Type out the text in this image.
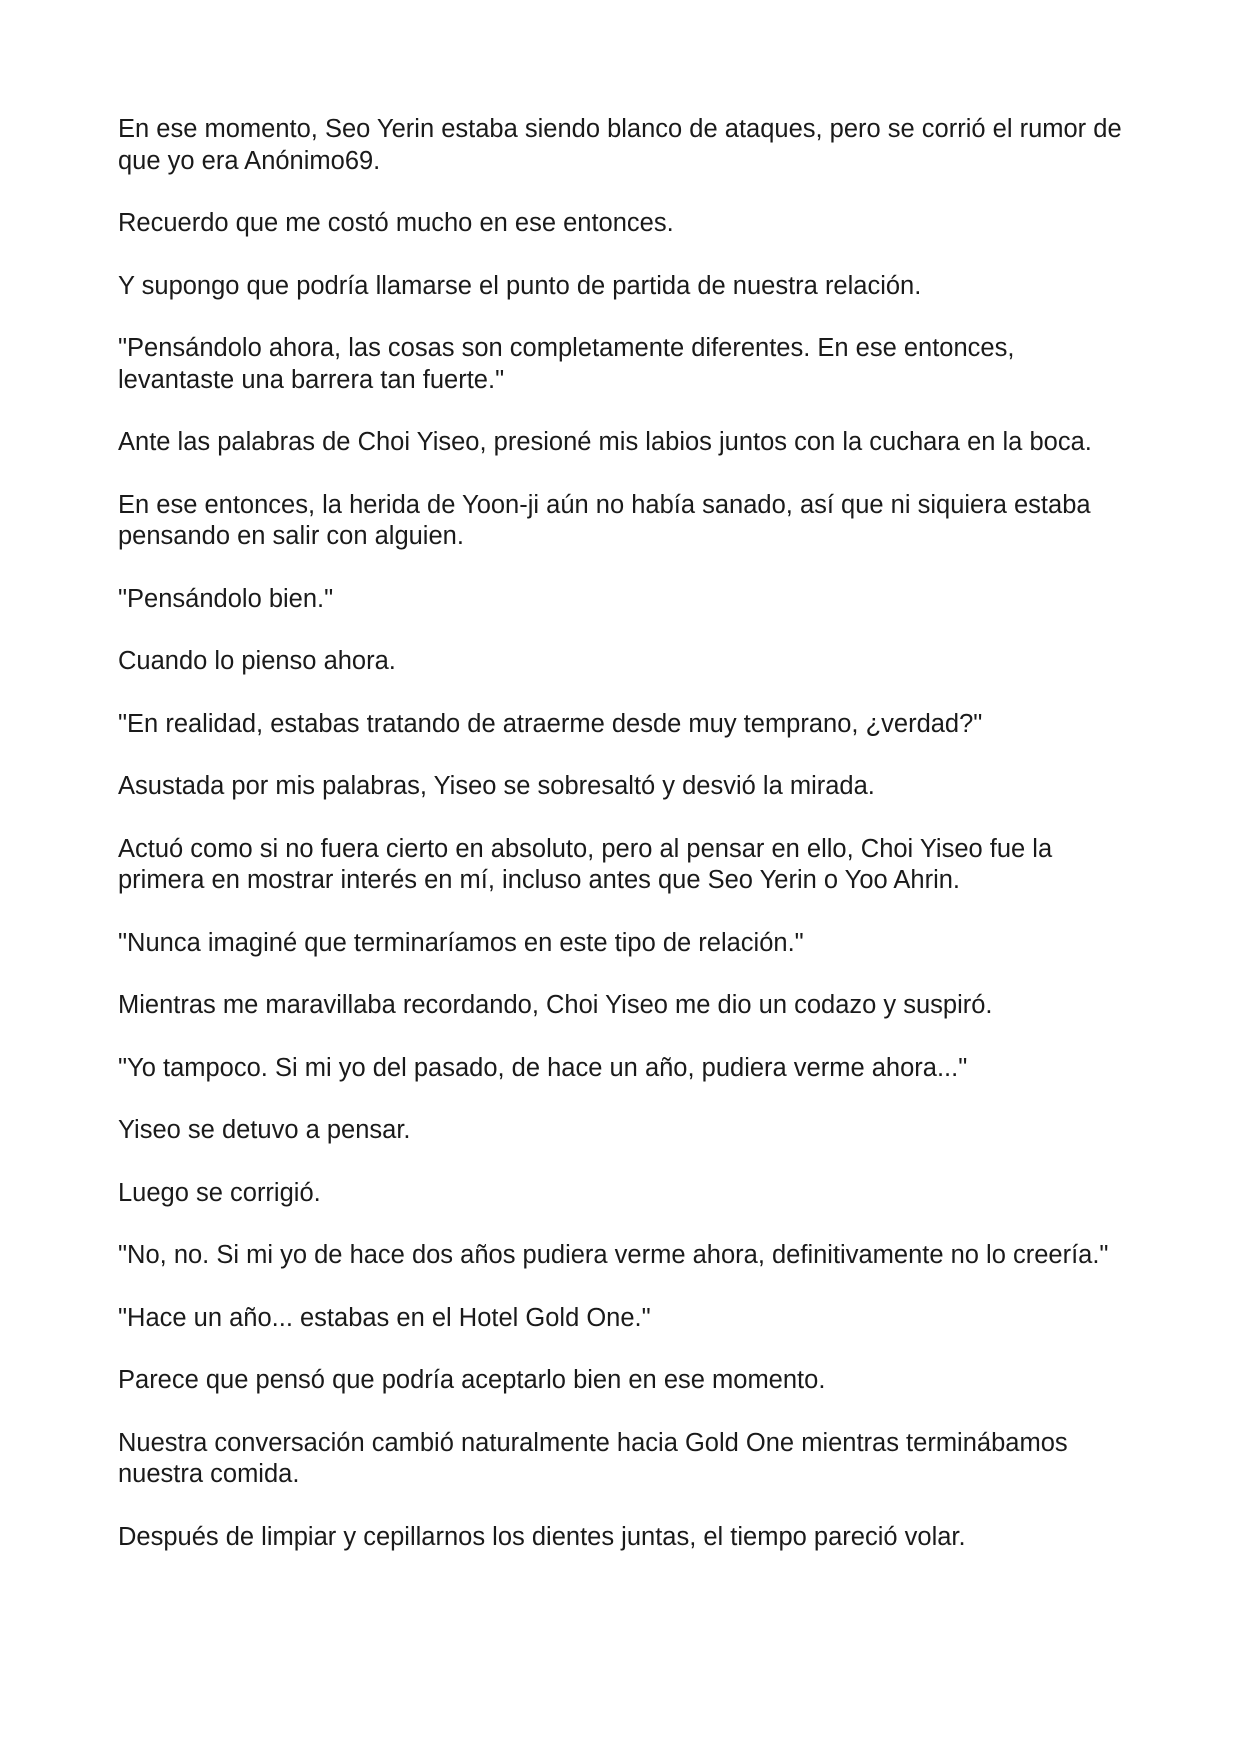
En ese momento, Seo Yerin estaba siendo blanco de ataques, pero se corrió el rumor de que yo era Anónimo69.

Recuerdo que me costó mucho en ese entonces.

Y supongo que podría llamarse el punto de partida de nuestra relación.

"Pensándolo ahora, las cosas son completamente diferentes. En ese entonces, levantaste una barrera tan fuerte."

Ante las palabras de Choi Yiseo, presioné mis labios juntos con la cuchara en la boca.

En ese entonces, la herida de Yoon-ji aún no había sanado, así que ni siquiera estaba pensando en salir con alguien.

"Pensándolo bien."

Cuando lo pienso ahora.

"En realidad, estabas tratando de atraerme desde muy temprano, ¿verdad?"

Asustada por mis palabras, Yiseo se sobresaltó y desvió la mirada.

Actuó como si no fuera cierto en absoluto, pero al pensar en ello, Choi Yiseo fue la primera en mostrar interés en mí, incluso antes que Seo Yerin o Yoo Ahrin.

"Nunca imaginé que terminaríamos en este tipo de relación."

Mientras me maravillaba recordando, Choi Yiseo me dio un codazo y suspiró.

"Yo tampoco. Si mi yo del pasado, de hace un año, pudiera verme ahora..."

Yiseo se detuvo a pensar.

Luego se corrigió.

"No, no. Si mi yo de hace dos años pudiera verme ahora, definitivamente no lo creería."

"Hace un año... estabas en el Hotel Gold One."

Parece que pensó que podría aceptarlo bien en ese momento.

Nuestra conversación cambió naturalmente hacia Gold One mientras terminábamos nuestra comida.

Después de limpiar y cepillarnos los dientes juntas, el tiempo pareció volar.
